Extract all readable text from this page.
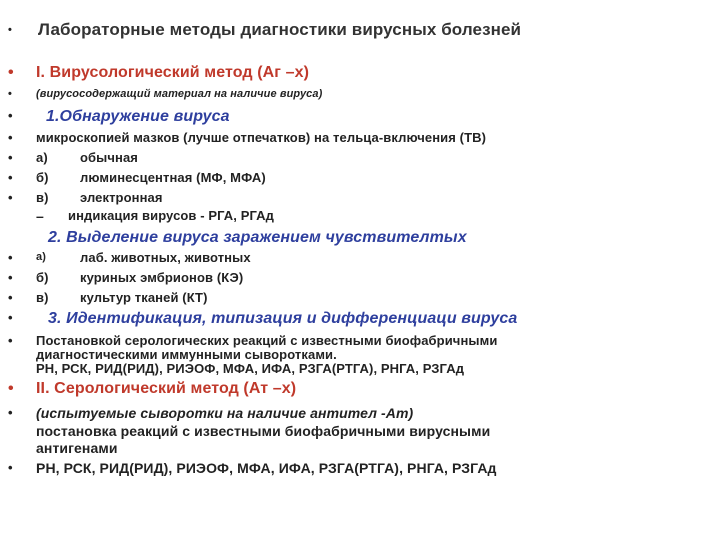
• Лабораторные методы диагностики вирусных болезней
• I. Вирусологический метод (Аг –х)
• (вирусосодержащий материал на наличие вируса)
• 1.Обнаружение вируса
• микроскопией мазков (лучше отпечатков) на тельца-включения (ТВ)
• а) обычная
• б) люминесцентная (МФ, МФА)
• в) электронная
– индикация вирусов - РГА, РГАд
2. Выделение вируса заражением чувствителтых
• а)	лаб. животных, животных
• б) куриных эмбрионов (КЭ)
• в) культур тканей (КТ)
• 3. Идентификация, типизация и дифференциаци вируса
• Постановкой серологических реакций с известными биофабричными
диагностическими иммунными сыворотками.
РН, РСК, РИД(РИД), РИЭОФ, МФА, ИФА, РЗГА(РТГА), РНГА, РЗГАд
• II. Серологический метод (Ат –х)
• (испытуемые сыворотки на наличие антител -Ат)
постановка реакций с известными биофабричными вирусными
антигенами
• РН, РСК, РИД(РИД), РИЭОФ, МФА, ИФА, РЗГА(РТГА), РНГА, РЗГАд
